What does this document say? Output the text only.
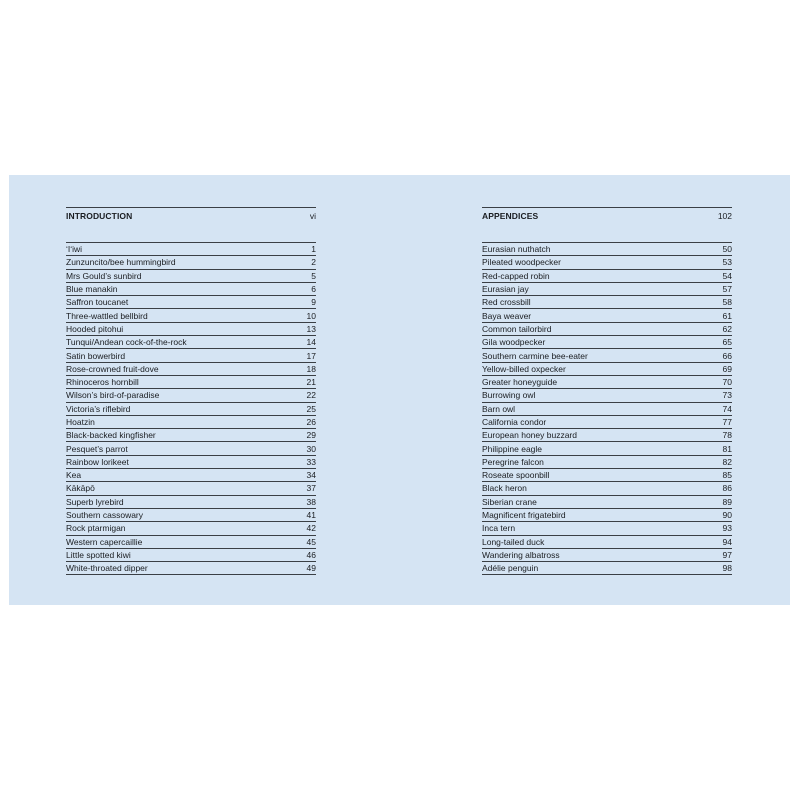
INTRODUCTION	vi
ʻIʻiwi	1
Zunzuncito/bee hummingbird	2
Mrs Gould’s sunbird	5
Blue manakin	6
Saffron toucanet	9
Three-wattled bellbird	10
Hooded pitohui	13
Tunqui/Andean cock-of-the-rock	14
Satin bowerbird	17
Rose-crowned fruit-dove	18
Rhinoceros hornbill	21
Wilson’s bird-of-paradise	22
Victoria’s riflebird	25
Hoatzin	26
Black-backed kingfisher	29
Pesquet’s parrot	30
Rainbow lorikeet	33
Kea	34
Kākāpō	37
Superb lyrebird	38
Southern cassowary	41
Rock ptarmigan	42
Western capercaillie	45
Little spotted kiwi	46
White-throated dipper	49
APPENDICES	102
Eurasian nuthatch	50
Pileated woodpecker	53
Red-capped robin	54
Eurasian jay	57
Red crossbill	58
Baya weaver	61
Common tailorbird	62
Gila woodpecker	65
Southern carmine bee-eater	66
Yellow-billed oxpecker	69
Greater honeyguide	70
Burrowing owl	73
Barn owl	74
California condor	77
European honey buzzard	78
Philippine eagle	81
Peregrine falcon	82
Roseate spoonbill	85
Black heron	86
Siberian crane	89
Magnificent frigatebird	90
Inca tern	93
Long-tailed duck	94
Wandering albatross	97
Adélie penguin	98
